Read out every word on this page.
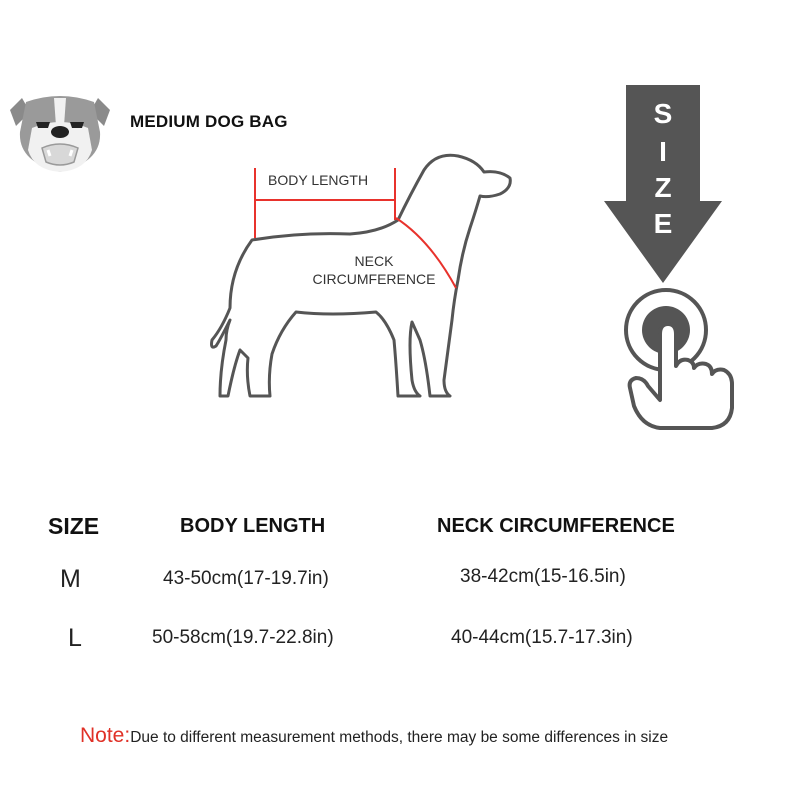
MEDIUM DOG BAG
BODY LENGTH
NECK
CIRCUMFERENCE
S
I
Z
E
SIZE	BODY LENGTH	NECK CIRCUMFERENCE
M	43-50cm(17-19.7in)	38-42cm(15-16.5in)
L	50-58cm(19.7-22.8in)	40-44cm(15.7-17.3in)
Note:Due to different measurement methods, there may be some differences in size
